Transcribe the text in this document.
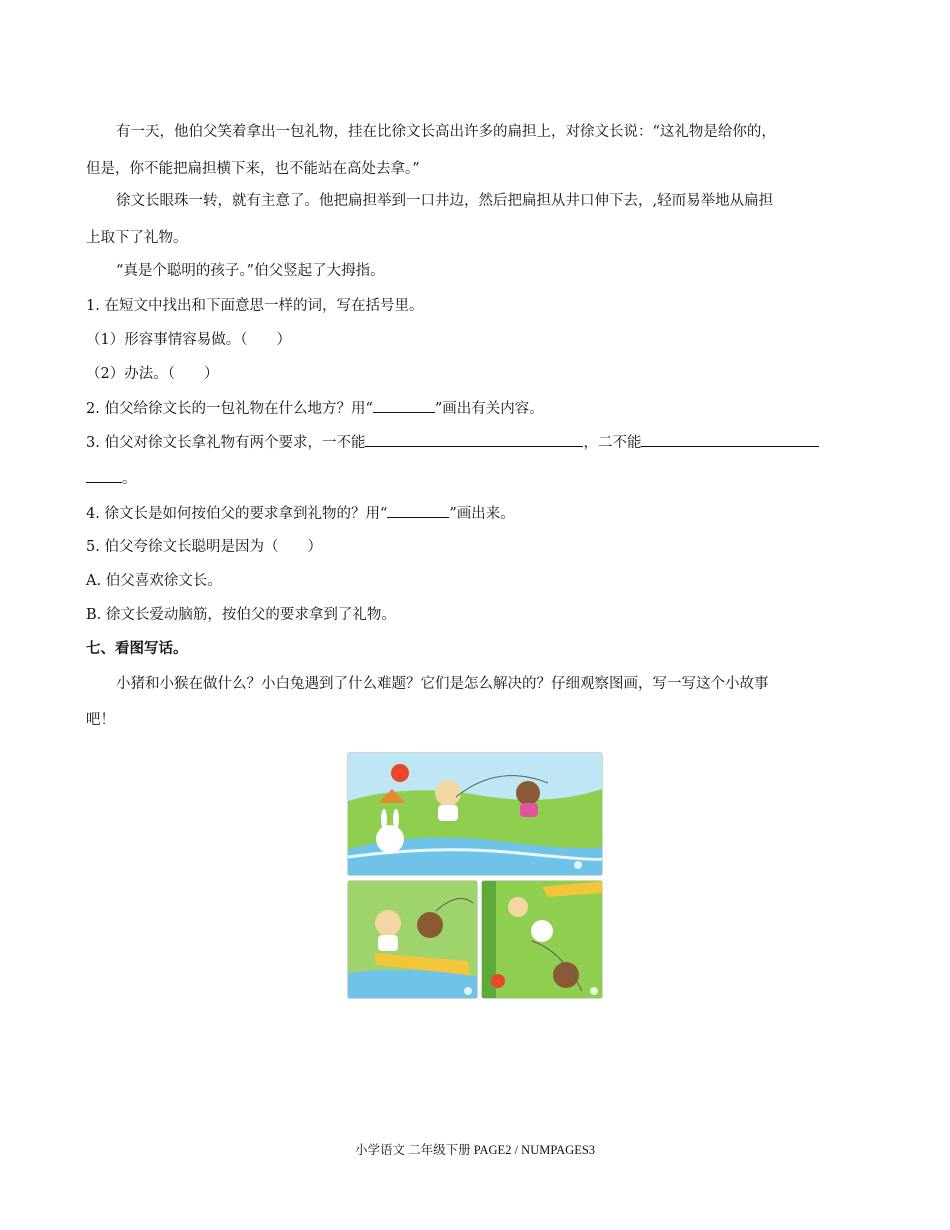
有一天，他伯父笑着拿出一包礼物，挂在比徐文长高出许多的扁担上，对徐文长说：“这礼物是给你的，
但是，你不能把扁担横下来，也不能站在高处去拿。”
徐文长眼珠一转，就有主意了。他把扁担举到一口井边，然后把扁担从井口伸下去，,轻而易举地从扁担
上取下了礼物。
“真是个聪明的孩子。”伯父竖起了大拇指。
1. 在短文中找出和下面意思一样的词，写在括号里。
（1）形容事情容易做。（　　）
（2）办法。（　　）
2. 伯父给徐文长的一包礼物在什么地方？用“	”画出有关内容。
3. 伯父对徐文长拿礼物有两个要求，一不能	，二不能
。
4. 徐文长是如何按伯父的要求拿到礼物的？用“	”画出来。
5. 伯父夸徐文长聪明是因为（　　）
A. 伯父喜欢徐文长。
B. 徐文长爱动脑筋，按伯父的要求拿到了礼物。
七、看图写话。
小猪和小猴在做什么？小白兔遇到了什么难题？它们是怎么解决的？仔细观察图画，写一写这个小故事
吧！
小学语文 二年级下册 PAGE2 / NUMPAGES3
